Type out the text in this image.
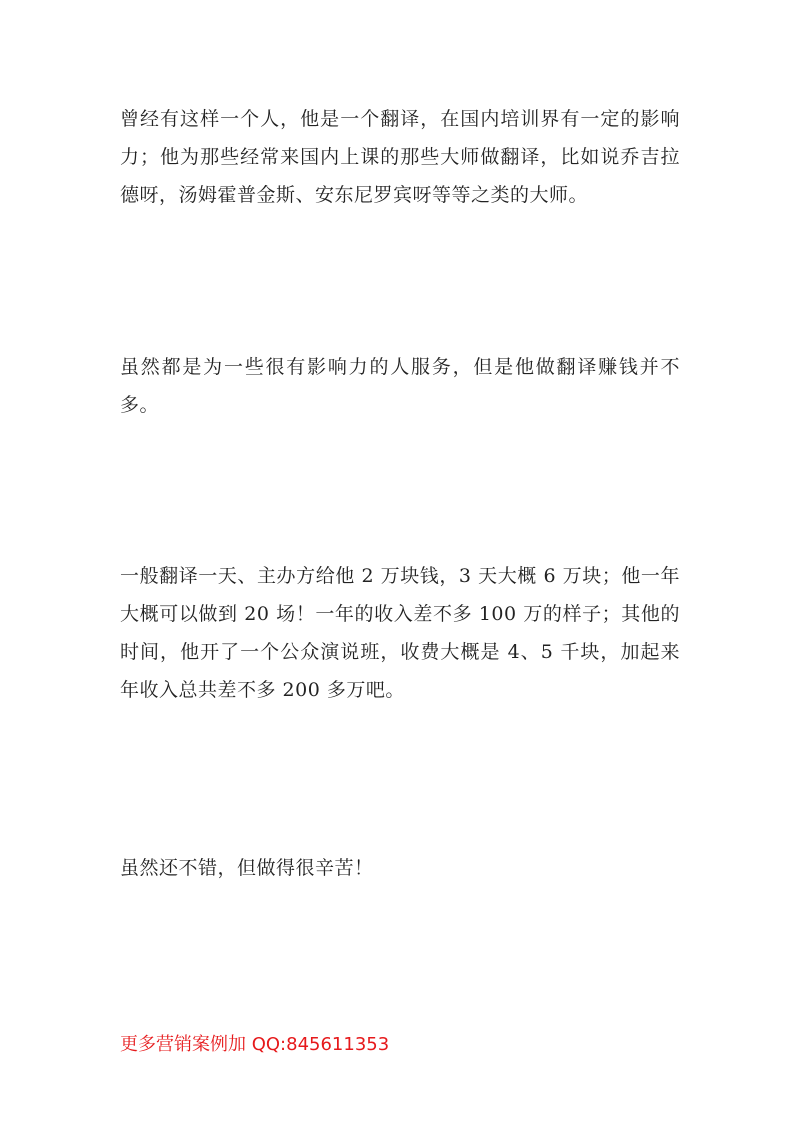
曾经有这样一个人，他是一个翻译，在国内培训界有一定的影响力；他为那些经常来国内上课的那些大师做翻译，比如说乔吉拉德呀，汤姆霍普金斯、安东尼罗宾呀等等之类的大师。

虽然都是为一些很有影响力的人服务，但是他做翻译赚钱并不多。

一般翻译一天、主办方给他 2 万块钱，3 天大概 6 万块；他一年大概可以做到 20 场！一年的收入差不多 100 万的样子；其他的时间，他开了一个公众演说班，收费大概是 4、5 千块，加起来年收入总共差不多 200 多万吧。

虽然还不错，但做得很辛苦！

更多营销案例加 QQ:845611353
